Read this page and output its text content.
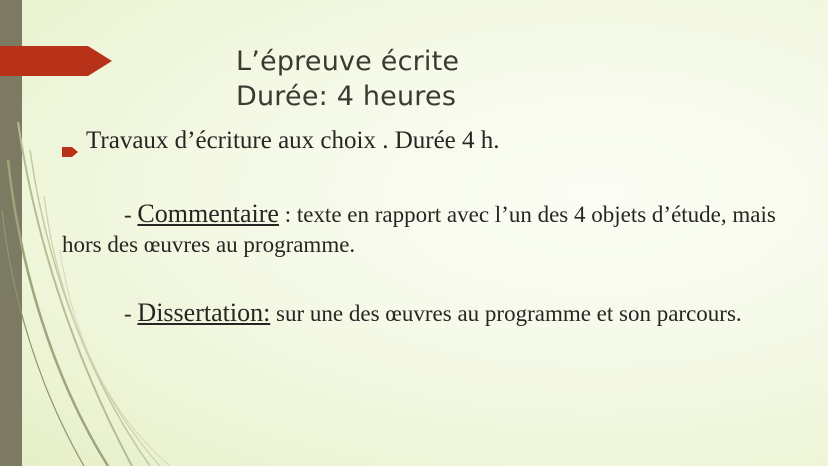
L’épreuve écrite
Durée: 4 heures
Travaux d’écriture aux choix . Durée 4 h.
- Commentaire : texte en rapport avec l’un des 4 objets d’étude, mais hors des œuvres au programme.
- Dissertation: sur une des œuvres au programme et son parcours.
